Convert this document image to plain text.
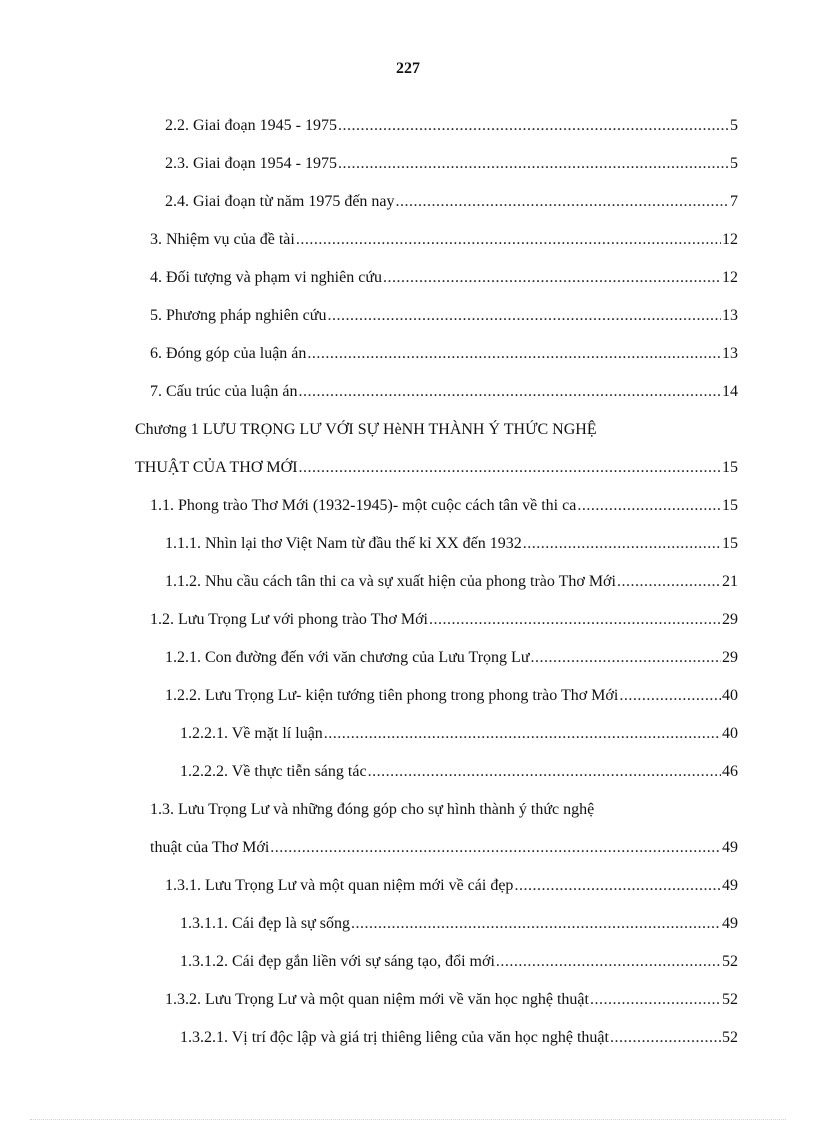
227
2.2. Giai đoạn 1945 - 1975 .....	5
2.3. Giai đoạn 1954 - 1975 .....	5
2.4. Giai đoạn từ năm 1975 đến nay .....	7
3. Nhiệm vụ của đề tài .....	12
4. Đối tượng và phạm vi nghiên cứu .....	12
5. Phương pháp nghiên cứu .....	13
6. Đóng góp của luận án .....	13
7. Cấu trúc của luận án .....	14
Chương 1 LƯU TRỌNG LƯ VỚI SỰ HèNH THÀNH Ý THỨC NGHỆ
THUẬT CỦA THƠ MỚI .....	15
1.1. Phong trào Thơ Mới (1932-1945)- một cuộc cách tân về thi ca .....	15
1.1.1. Nhìn lại thơ Việt Nam từ đầu thế kỉ XX đến 1932 .....	15
1.1.2. Nhu cầu cách tân thi ca và sự xuất hiện của phong trào Thơ Mới .....	21
1.2. Lưu Trọng Lư với phong trào Thơ Mới .....	29
1.2.1. Con đường đến với văn chương của Lưu Trọng Lư .....	29
1.2.2. Lưu Trọng Lư- kiện tướng tiên phong trong phong trào Thơ Mới .....	40
1.2.2.1. Về mặt lí luận .....	40
1.2.2.2. Về thực tiễn sáng tác .....	46
1.3. Lưu Trọng Lư và những đóng góp cho sự hình thành ý thức nghệ
thuật của Thơ Mới .....	49
1.3.1. Lưu Trọng Lư và một quan niệm mới về cái đẹp .....	49
1.3.1.1. Cái đẹp là sự sống .....	49
1.3.1.2. Cái đẹp gắn liền với sự sáng tạo, đổi mới .....	52
1.3.2. Lưu Trọng Lư và một quan niệm mới về văn học nghệ thuật .....	52
1.3.2.1. Vị trí độc lập và giá trị thiêng liêng của văn học nghệ thuật .....	52
